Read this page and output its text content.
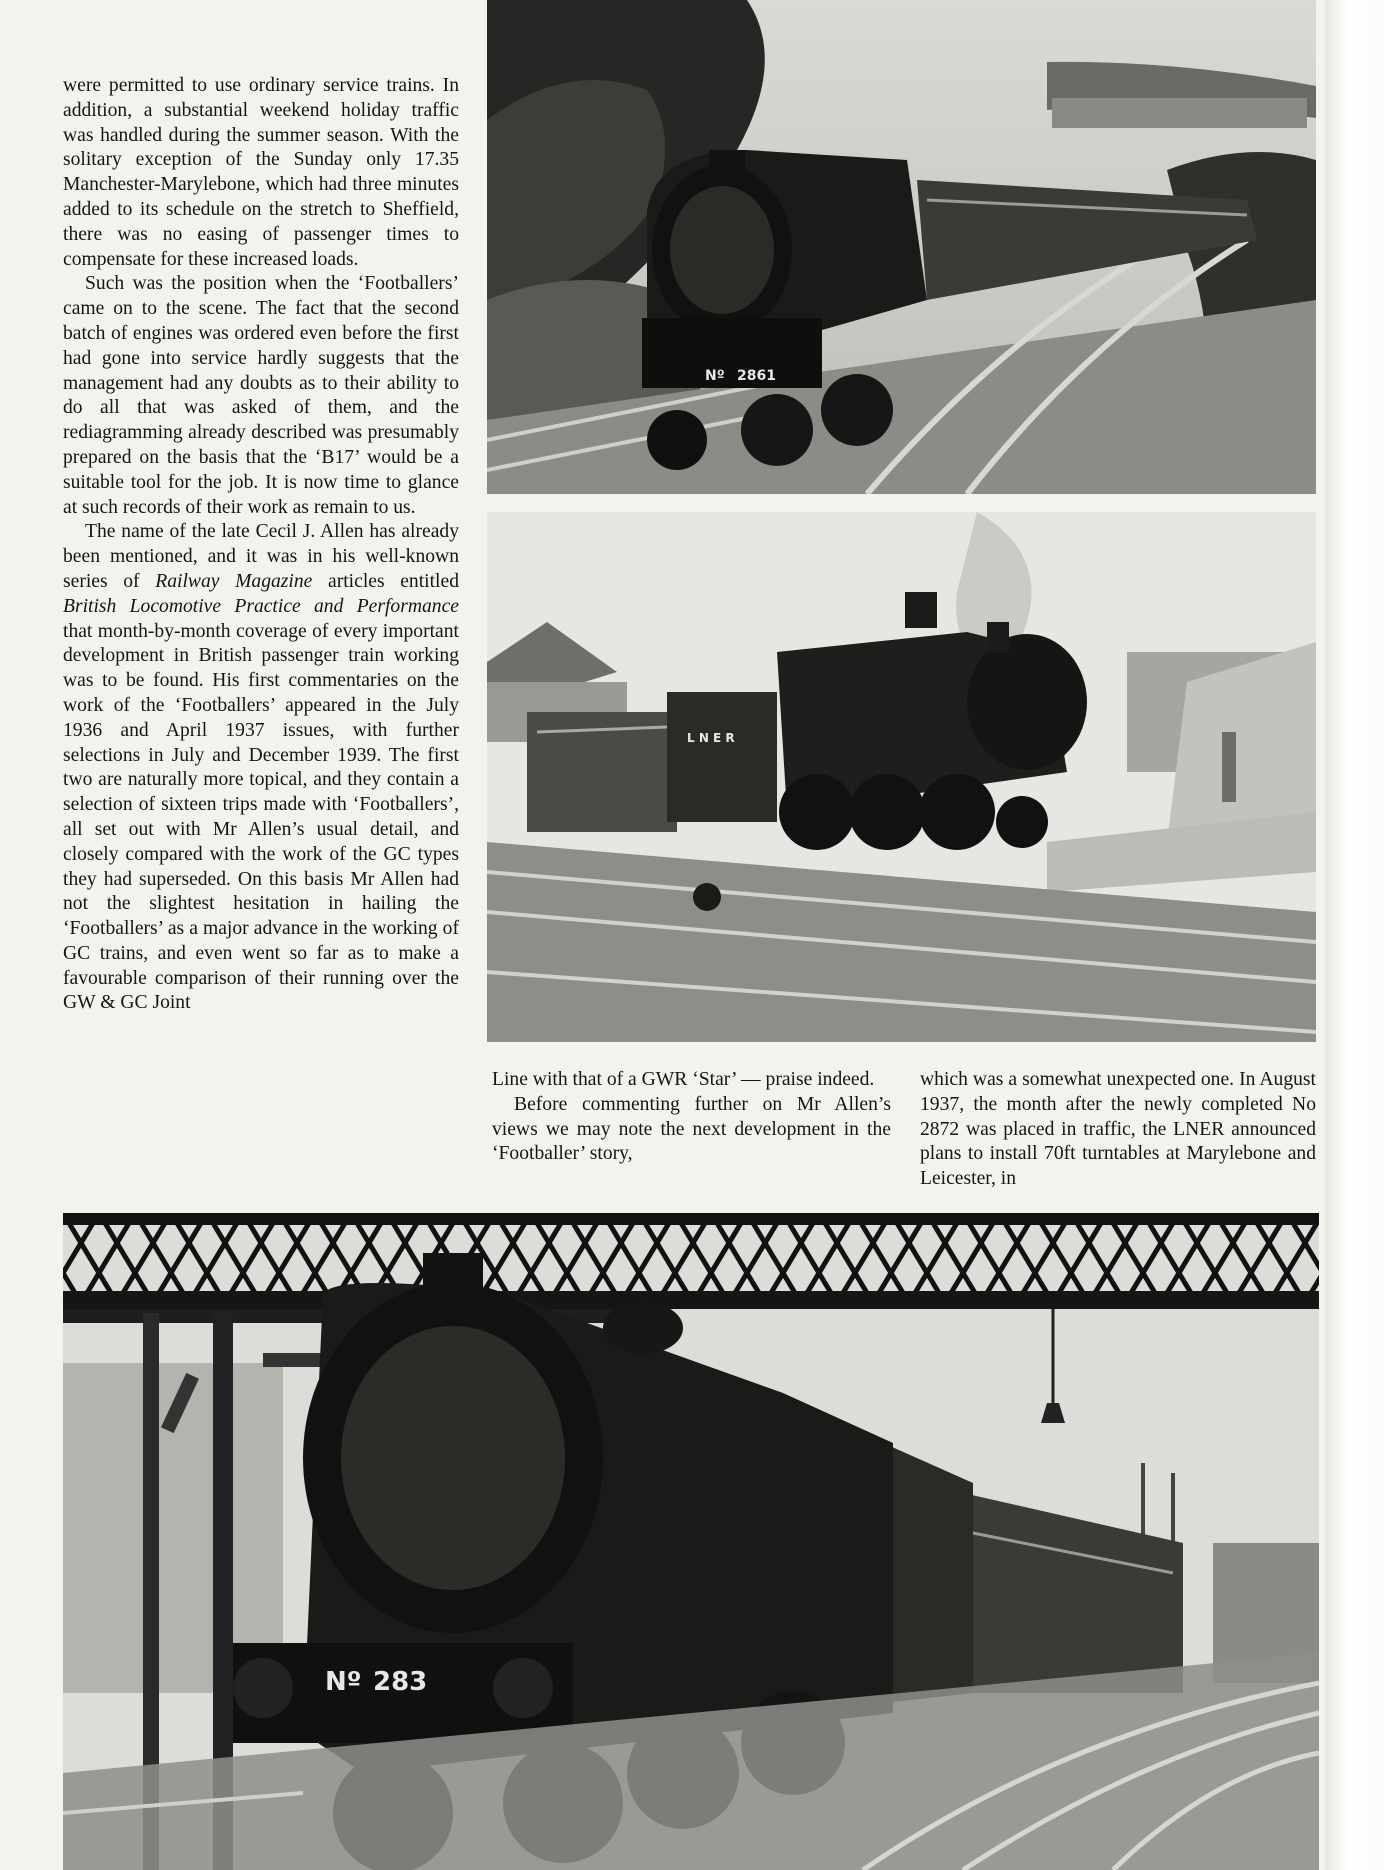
Nº 2861
L N E R

were permitted to use ordinary service trains. In addition, a substantial weekend holiday traffic was handled during the summer season. With the solitary exception of the Sunday only 17.35 Manchester-Marylebone, which had three minutes added to its schedule on the stretch to Sheffield, there was no easing of passenger times to compensate for these increased loads.

Such was the position when the ‘Footballers’ came on to the scene. The fact that the second batch of engines was ordered even before the first had gone into service hardly suggests that the management had any doubts as to their ability to do all that was asked of them, and the rediagramming already described was presumably prepared on the basis that the ‘B17’ would be a suitable tool for the job. It is now time to glance at such records of their work as remain to us.

The name of the late Cecil J. Allen has already been mentioned, and it was in his well-known series of Railway Magazine articles entitled British Locomotive Practice and Performance that month-by-month coverage of every important development in British passenger train working was to be found. His first commentaries on the work of the ‘Footballers’ appeared in the July 1936 and April 1937 issues, with further selections in July and December 1939. The first two are naturally more topical, and they contain a selection of sixteen trips made with ‘Footballers’, all set out with Mr Allen’s usual detail, and closely compared with the work of the GC types they had superseded. On this basis Mr Allen had not the slightest hesitation in hailing the ‘Footballers’ as a major advance in the working of GC trains, and even went so far as to make a favourable comparison of their running over the GW & GC Joint

Line with that of a GWR ‘Star’ — praise indeed.

Before commenting further on Mr Allen’s views we may note the next development in the ‘Footballer’ story,

which was a somewhat unexpected one. In August 1937, the month after the newly completed No 2872 was placed in traffic, the LNER announced plans to install 70ft turntables at Marylebone and Leicester, in

Nº 283
